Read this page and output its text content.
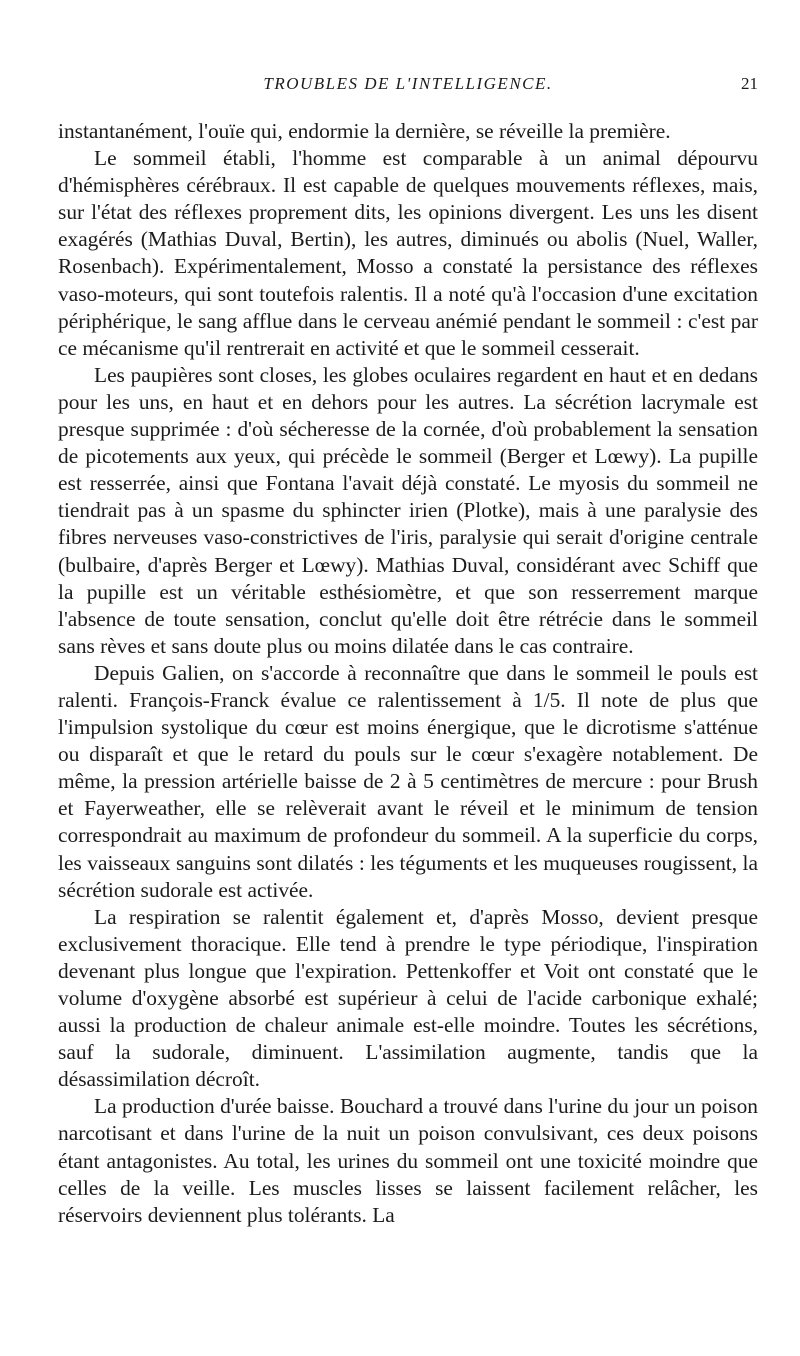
TROUBLES DE L'INTELLIGENCE.	21

instantanément, l'ouïe qui, endormie la dernière, se réveille la première.

Le sommeil établi, l'homme est comparable à un animal dépourvu d'hémisphères cérébraux. Il est capable de quelques mouvements réflexes, mais, sur l'état des réflexes proprement dits, les opinions divergent. Les uns les disent exagérés (Mathias Duval, Bertin), les autres, diminués ou abolis (Nuel, Waller, Rosenbach). Expérimentalement, Mosso a constaté la persistance des réflexes vaso-moteurs, qui sont toutefois ralentis. Il a noté qu'à l'occasion d'une excitation périphérique, le sang afflue dans le cerveau anémié pendant le sommeil : c'est par ce mécanisme qu'il rentrerait en activité et que le sommeil cesserait.

Les paupières sont closes, les globes oculaires regardent en haut et en dedans pour les uns, en haut et en dehors pour les autres. La sécrétion lacrymale est presque supprimée : d'où sécheresse de la cornée, d'où probablement la sensation de picotements aux yeux, qui précède le sommeil (Berger et Lœwy). La pupille est resserrée, ainsi que Fontana l'avait déjà constaté. Le myosis du sommeil ne tiendrait pas à un spasme du sphincter irien (Plotke), mais à une paralysie des fibres nerveuses vaso-constrictives de l'iris, paralysie qui serait d'origine centrale (bulbaire, d'après Berger et Lœwy). Mathias Duval, considérant avec Schiff que la pupille est un véritable esthésiomètre, et que son resserrement marque l'absence de toute sensation, conclut qu'elle doit être rétrécie dans le sommeil sans rèves et sans doute plus ou moins dilatée dans le cas contraire.

Depuis Galien, on s'accorde à reconnaître que dans le sommeil le pouls est ralenti. François-Franck évalue ce ralentissement à 1/5. Il note de plus que l'impulsion systolique du cœur est moins énergique, que le dicrotisme s'atténue ou disparaît et que le retard du pouls sur le cœur s'exagère notablement. De même, la pression artérielle baisse de 2 à 5 centimètres de mercure : pour Brush et Fayerweather, elle se relèverait avant le réveil et le minimum de tension correspondrait au maximum de profondeur du sommeil. A la superficie du corps, les vaisseaux sanguins sont dilatés : les téguments et les muqueuses rougissent, la sécrétion sudorale est activée.

La respiration se ralentit également et, d'après Mosso, devient presque exclusivement thoracique. Elle tend à prendre le type périodique, l'inspiration devenant plus longue que l'expiration. Pettenkoffer et Voit ont constaté que le volume d'oxygène absorbé est supérieur à celui de l'acide carbonique exhalé; aussi la production de chaleur animale est-elle moindre. Toutes les sécrétions, sauf la sudorale, diminuent. L'assimilation augmente, tandis que la désassimilation décroît.

La production d'urée baisse. Bouchard a trouvé dans l'urine du jour un poison narcotisant et dans l'urine de la nuit un poison convulsivant, ces deux poisons étant antagonistes. Au total, les urines du sommeil ont une toxicité moindre que celles de la veille. Les muscles lisses se laissent facilement relâcher, les réservoirs deviennent plus tolérants. La
